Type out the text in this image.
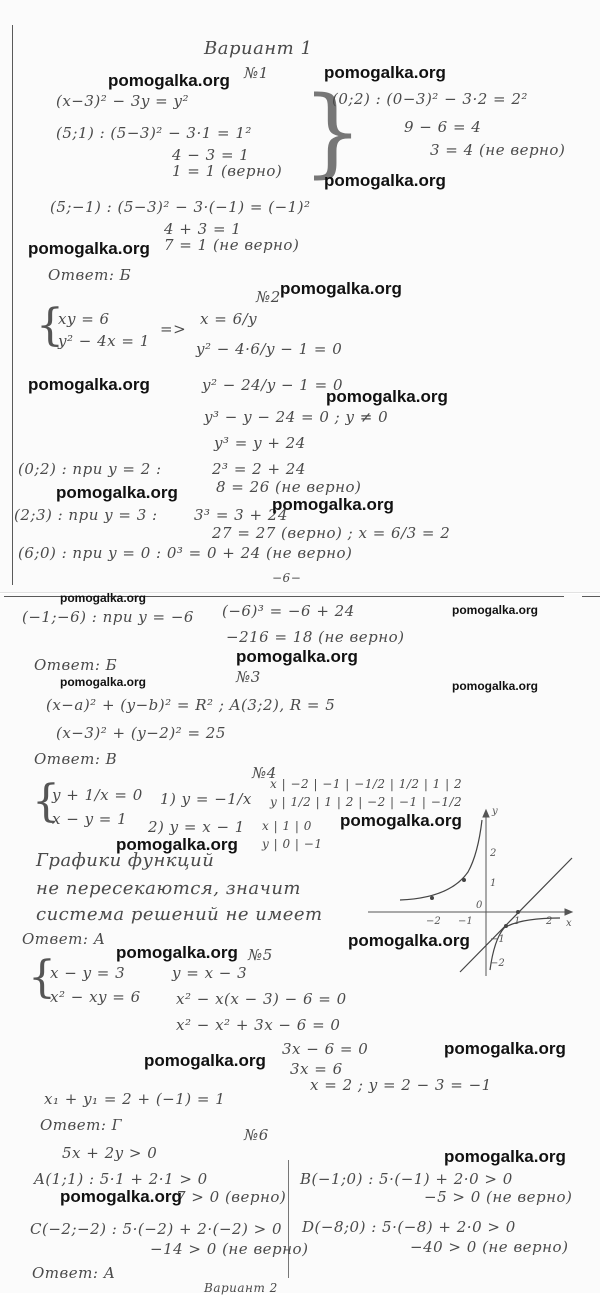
Вариант 1
№1
(x−3)² − 3y = y²
(5;1) : (5−3)² − 3·1 = 1²
4 − 3 = 1
1 = 1 (верно) }
(0;2) : (0−3)² − 3·2 = 2²
9 − 6 = 4
3 = 4 (не верно)
(5;−1) : (5−3)² − 3·(−1) = (−1)²
4 + 3 = 1
7 = 1 (не верно)
Ответ: Б
№2
{
xy = 6
y² − 4x = 1
=>
x = 6/y
y² − 4·6/y − 1 = 0
y² − 24/y − 1 = 0
y³ − y − 24 = 0 ; y ≠ 0
y³ = y + 24
(0;2) : при y = 2 :	2³ = 2 + 24
8 = 26 (не верно)
(2;3) : при y = 3 : 3³ = 3 + 24
27 = 27 (верно) ; x = 6/3 = 2
(6;0) : при y = 0 : 0³ = 0 + 24 (не верно)
−6−
pomogalka.org	pomogalka.org
pomogalka.org
pomogalka.org
pomogalka.org
pomogalka.org
pomogalka.org
pomogalka.org
pomogalka.org
(−1;−6) : при y = −6 (−6)³ = −6 + 24
−216 = 18 (не верно)
Ответ: Б
№3
(x−a)² + (y−b)² = R² ; A(3;2), R = 5
(x−3)² + (y−2)² = 25
Ответ: В
№4
{
y + 1/x = 0
x − y = 1
1) y = −1/x
2) y = x − 1
x | −2 | −1 | −1/2 | 1/2 | 1 | 2
y | 1/2 | 1 | 2 | −2 | −1 | −1/2
x | 1 | 0
y | 0 | −1
Графики функций
не пересекаются, значит
система решений не имеет
Ответ: А
№5
{
x − y = 3
x² − xy = 6
y = x − 3
x² − x(x − 3) − 6 = 0
x² − x² + 3x − 6 = 0
3x − 6 = 0
3x = 6
x = 2 ; y = 2 − 3 = −1
x₁ + y₁ = 2 + (−1) = 1
Ответ: Г
№6
5x + 2y > 0
A(1;1) : 5·1 + 2·1 > 0
7 > 0 (верно)
B(−1;0) : 5·(−1) + 2·0 > 0
−5 > 0 (не верно)
C(−2;−2) : 5·(−2) + 2·(−2) > 0
−14 > 0 (не верно)
D(−8;0) : 5·(−8) + 2·0 > 0
−40 > 0 (не верно)
Ответ: А
Вариант 2
pomogalka.org
pomogalka.org
pomogalka.org
pomogalka.org	pomogalka.org
pomogalka.org
pomogalka.org
pomogalka.org
pomogalka.org
pomogalka.org
pomogalka.org
pomogalka.org
pomogalka.org
x
y
−2 −1
0
1	2
2
1
−1
−2
